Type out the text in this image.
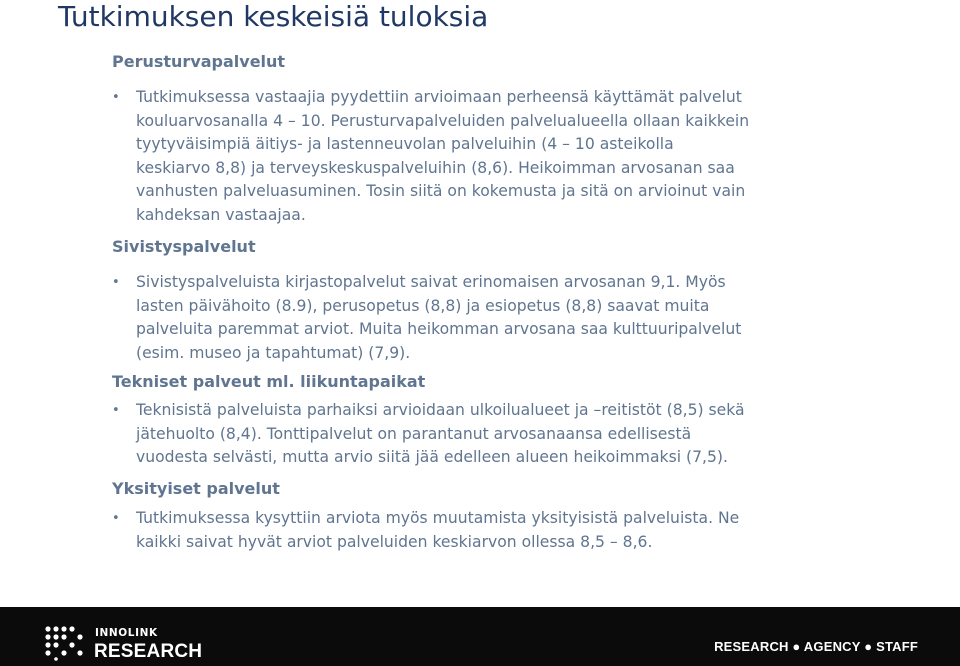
Tutkimuksen keskeisiä tuloksia
Perusturvapalvelut
• Tutkimuksessa vastaajia pyydettiin arvioimaan perheensä käyttämät palvelut
kouluarvosanalla 4 – 10. Perusturvapalveluiden palvelualueella ollaan kaikkein
tyytyväisimpiä äitiys- ja lastenneuvolan palveluihin (4 – 10 asteikolla
keskiarvo 8,8) ja terveyskeskuspalveluihin (8,6). Heikoimman arvosanan saa
vanhusten palveluasuminen. Tosin siitä on kokemusta ja sitä on arvioinut vain
kahdeksan vastaajaa.
Sivistyspalvelut
• Sivistyspalveluista kirjastopalvelut saivat erinomaisen arvosanan 9,1. Myös
lasten päivähoito (8.9), perusopetus (8,8) ja esiopetus (8,8) saavat muita
palveluita paremmat arviot. Muita heikomman arvosana saa kulttuuripalvelut
(esim. museo ja tapahtumat) (7,9).
Tekniset palveut ml. liikuntapaikat
• Teknisistä palveluista parhaiksi arvioidaan ulkoilualueet ja –reitistöt (8,5) sekä
jätehuolto (8,4). Tonttipalvelut on parantanut arvosanaansa edellisestä
vuodesta selvästi, mutta arvio siitä jää edelleen alueen heikoimmaksi (7,5).
Yksityiset palvelut
• Tutkimuksessa kysyttiin arviota myös muutamista yksityisistä palveluista. Ne
kaikki saivat hyvät arviot palveluiden keskiarvon ollessa 8,5 – 8,6.
INNOLINK
RESEARCH	RESEARCH ● AGENCY ● STAFF
